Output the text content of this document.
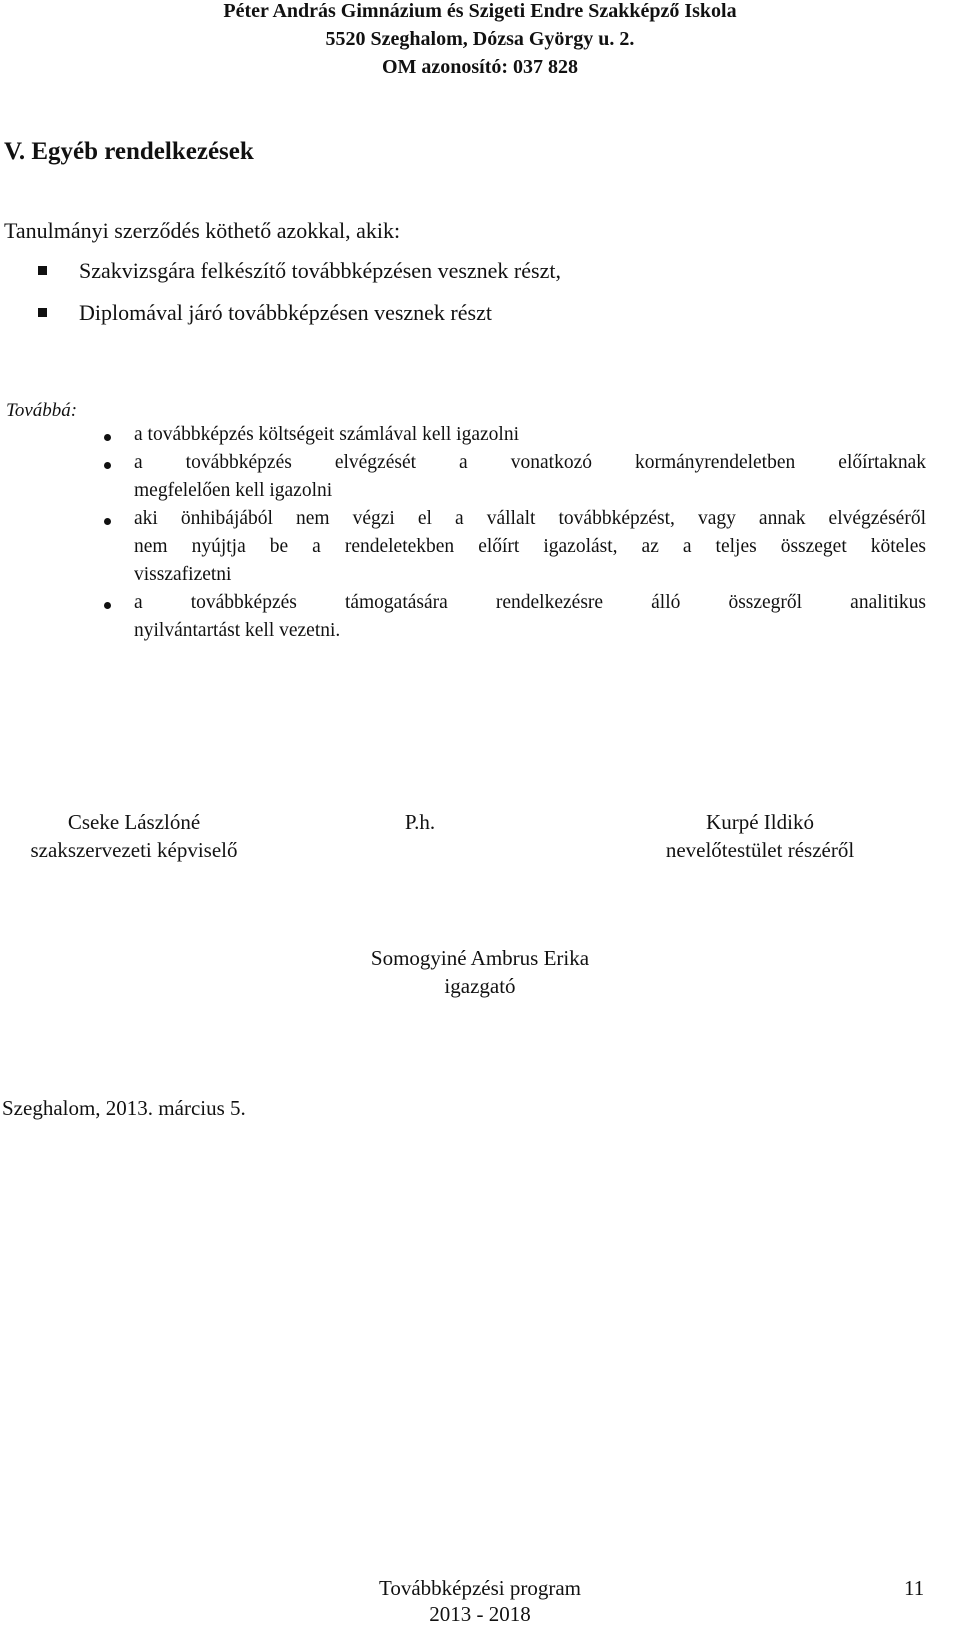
Péter András Gimnázium és Szigeti Endre Szakképző Iskola
5520 Szeghalom, Dózsa György u. 2.
OM azonosító: 037 828
V. Egyéb rendelkezések
Tanulmányi szerződés köthető azokkal, akik:
Szakvizsgára felkészítő továbbképzésen vesznek részt,
Diplomával járó továbbképzésen vesznek részt
Továbbá:
a továbbképzés költségeit számlával kell igazolni
a továbbképzés elvégzését a vonatkozó kormányrendeletben előírtaknak
megfelelően kell igazolni
aki önhibájából nem végzi el a vállalt továbbképzést, vagy annak elvégzéséről
nem nyújtja be a rendeletekben előírt igazolást, az a teljes összeget köteles
visszafizetni
a továbbképzés támogatására rendelkezésre álló összegről analitikus
nyilvántartást kell vezetni.
Cseke Lászlóné
szakszervezeti képviselő
P.h.	Kurpé Ildikó
nevelőtestület részéről
Somogyiné Ambrus Erika
igazgató
Szeghalom, 2013. március 5.
Továbbképzési program
2013 - 2018
11
